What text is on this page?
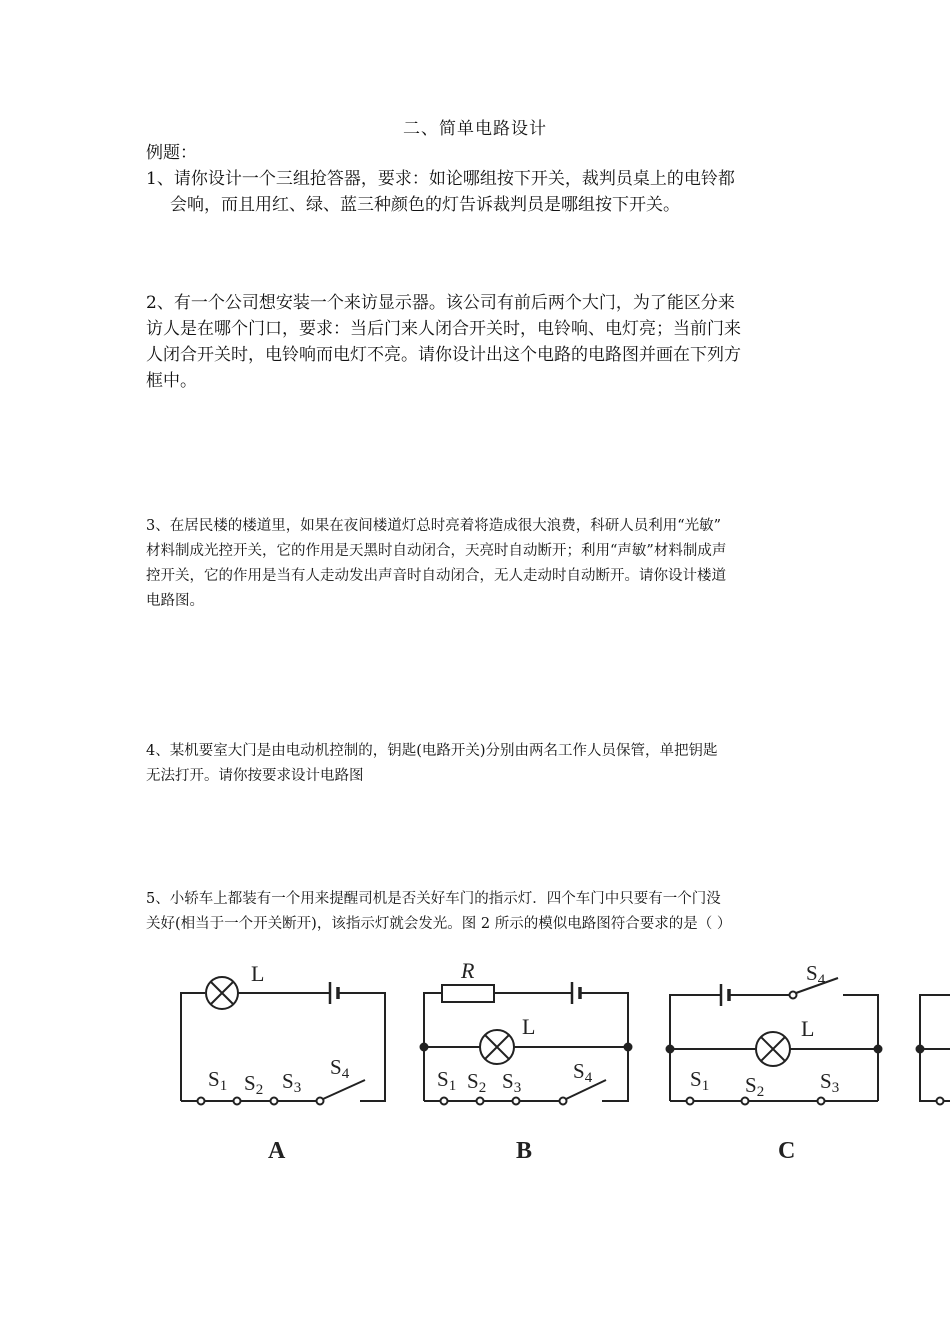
二、简单电路设计
例题：
1、请你设计一个三组抢答器，要求：如论哪组按下开关，裁判员桌上的电铃都
会响，而且用红、绿、蓝三种颜色的灯告诉裁判员是哪组按下开关。
2、有一个公司想安装一个来访显示器。该公司有前后两个大门，为了能区分来
访人是在哪个门口，要求：当后门来人闭合开关时，电铃响、电灯亮；当前门来
人闭合开关时，电铃响而电灯不亮。请你设计出这个电路的电路图并画在下列方
框中。
3、在居民楼的楼道里，如果在夜间楼道灯总时亮着将造成很大浪费，科研人员利用“光敏”
材料制成光控开关，它的作用是天黑时自动闭合，天亮时自动断开；利用“声敏”材料制成声
控开关，它的作用是当有人走动发出声音时自动闭合，无人走动时自动断开。请你设计楼道
电路图。
4、某机要室大门是由电动机控制的，钥匙(电路开关)分别由两名工作人员保管，单把钥匙
无法打开。请你按要求设计电路图
5、小轿车上都装有一个用来提醒司机是否关好车门的指示灯．四个车门中只要有一个门没
关好(相当于一个开关断开)，该指示灯就会发光。图 2 所示的模似电路图符合要求的是（ ）
L
S1 S2 S3
S4
A
R
L
S1 S2 S3
S4
B
S4
L
S1 S2	S3
C
